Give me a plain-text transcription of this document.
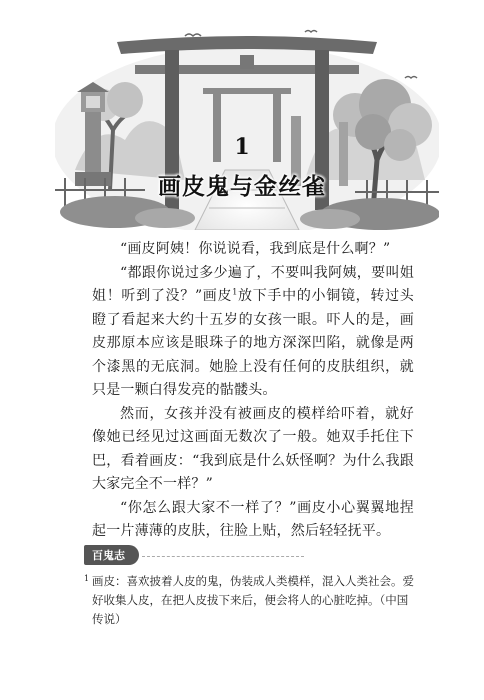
1
画皮鬼与金丝雀

“画皮阿姨！你说说看，我到底是什么啊？”

“都跟你说过多少遍了，不要叫我阿姨，要叫姐姐！听到了没？”画皮$^1$放下手中的小铜镜，转过头瞪了看起来大约十五岁的女孩一眼。吓人的是，画皮那原本应该是眼珠子的地方深深凹陷，就像是两个漆黑的无底洞。她脸上没有任何的皮肤组织，就只是一颗白得发亮的骷髅头。

然而，女孩并没有被画皮的模样给吓着，就好像她已经见过这画面无数次了一般。她双手托住下巴，看着画皮：“我到底是什么妖怪啊？为什么我跟大家完全不一样？”

“你怎么跟大家不一样了？”画皮小心翼翼地捏起一片薄薄的皮肤，往脸上贴，然后轻轻抚平。

百鬼志
1 画皮：喜欢披着人皮的鬼，伪装成人类模样，混入人类社会。爱好收集人皮，在把人皮拔下来后，便会将人的心脏吃掉。（中国传说）
